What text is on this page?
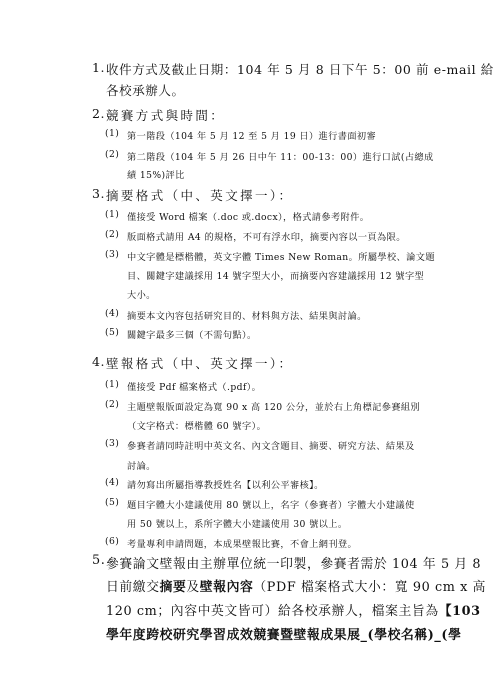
1. 收件方式及截止日期：104 年 5 月 8 日下午 5：00 前 e-mail 給
各校承辦人。
2. 競賽方式與時間：
(1) 第一階段（104 年 5 月 12 至 5 月 19 日）進行書面初審
(2) 第二階段（104 年 5 月 26 日中午 11：00-13：00）進行口試(占總成
績 15%)評比
3. 摘要格式（中、英文擇一）：
(1) 僅接受 Word 檔案（.doc 或.docx），格式請參考附件。
(2) 版面格式請用 A4 的規格，不可有浮水印，摘要內容以一頁為限。
(3) 中文字體是標楷體，英文字體 Times New Roman。所屬學校、論文題
目、關鍵字建議採用 14 號字型大小，而摘要內容建議採用 12 號字型
大小。
(4) 摘要本文內容包括研究目的、材料與方法、結果與討論。
(5) 關鍵字最多三個（不需句點）。
4. 壁報格式（中、英文擇一）：
(1) 僅接受 Pdf 檔案格式（.pdf）。
(2) 主題壁報版面設定為寬 90 x 高 120 公分，並於右上角標記參賽組別
（文字格式：標楷體 60 號字）。
(3) 參賽者請同時註明中英文名、內文含題目、摘要、研究方法、結果及
討論。
(4) 請勿寫出所屬指導教授姓名【以利公平審核】。
(5) 題目字體大小建議使用 80 號以上，名字（參賽者）字體大小建議使
用 50 號以上，系所字體大小建議使用 30 號以上。
(6) 考量專利申請問題，本成果壁報比賽，不會上網刊登。
5. 參賽論文壁報由主辦單位統一印製，參賽者需於 104 年 5 月 8
日前繳交摘要及壁報內容（PDF 檔案格式大小：寬 90 cm x 高
120 cm；內容中英文皆可）給各校承辦人，檔案主旨為【103
學年度跨校研究學習成效競賽暨壁報成果展_(學校名稱)_(學
